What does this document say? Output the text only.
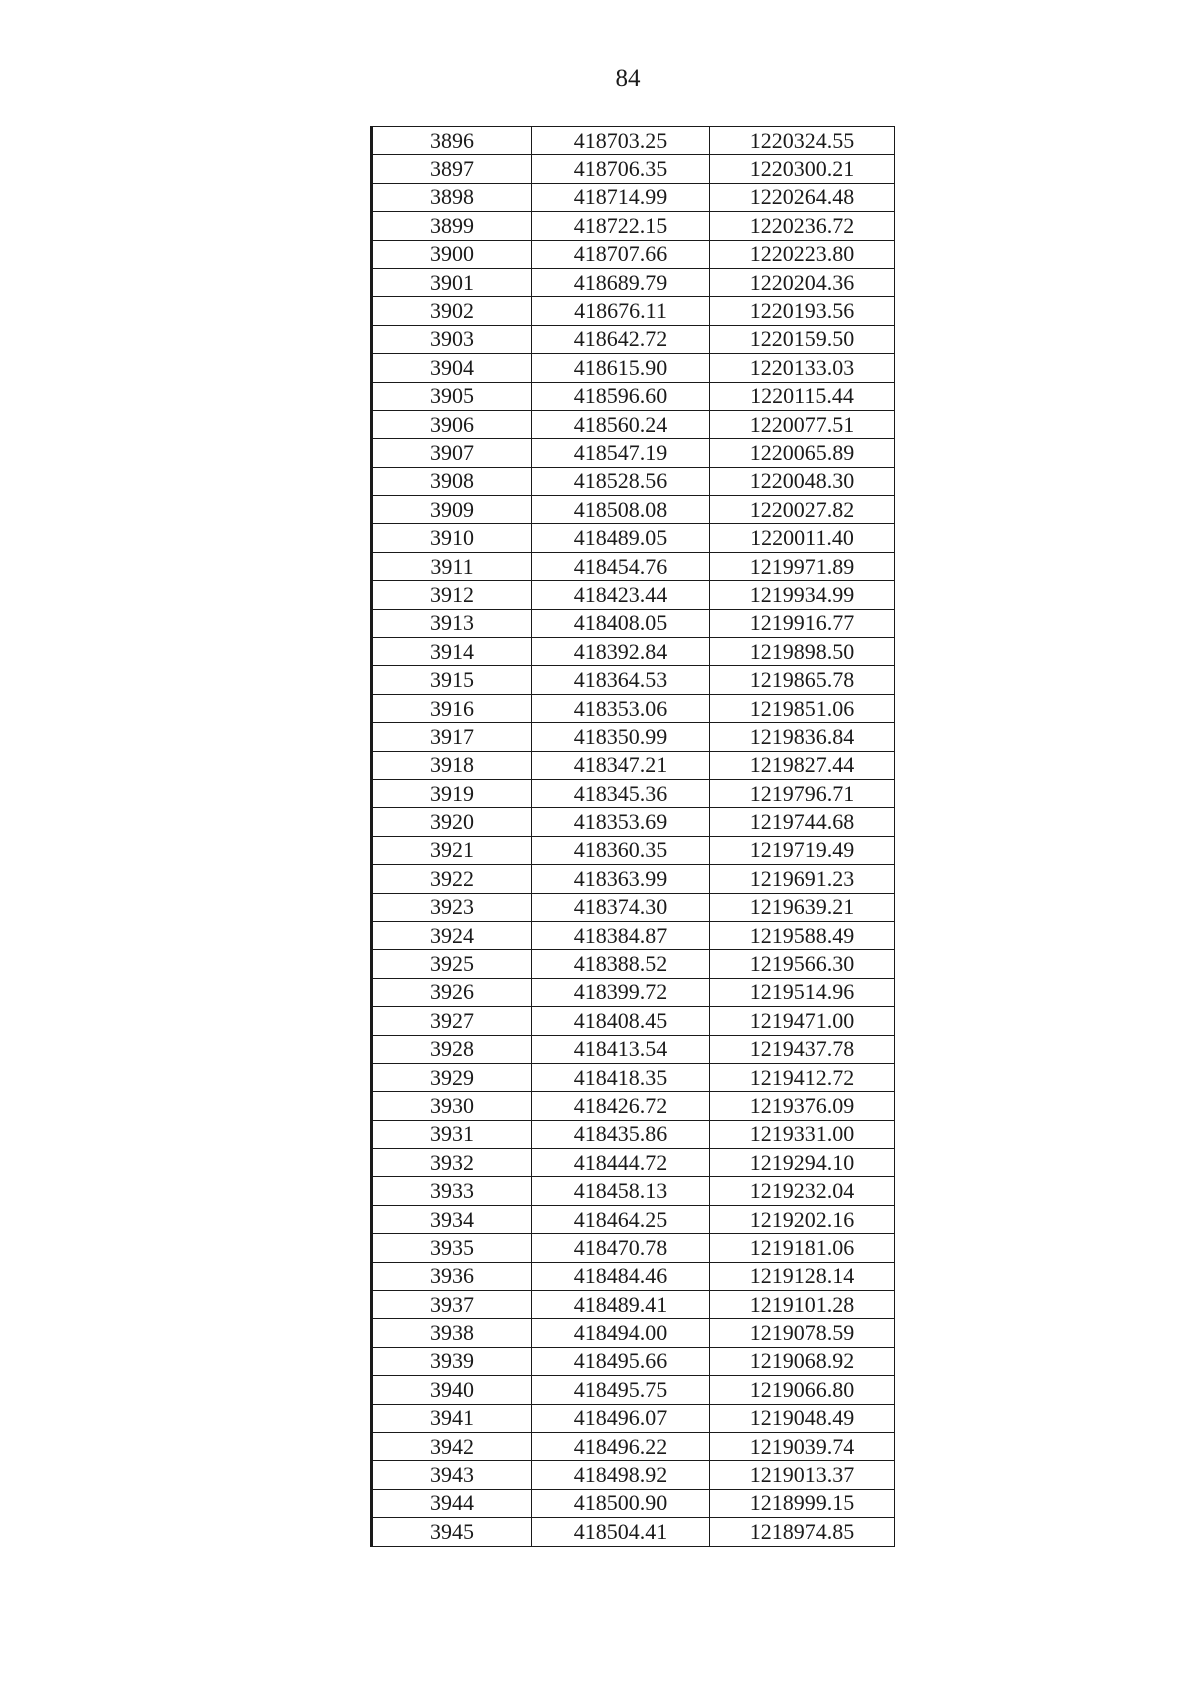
84
3896	418703.25	1220324.55
3897	418706.35	1220300.21
3898	418714.99	1220264.48
3899	418722.15	1220236.72
3900	418707.66	1220223.80
3901	418689.79	1220204.36
3902	418676.11	1220193.56
3903	418642.72	1220159.50
3904	418615.90	1220133.03
3905	418596.60	1220115.44
3906	418560.24	1220077.51
3907	418547.19	1220065.89
3908	418528.56	1220048.30
3909	418508.08	1220027.82
3910	418489.05	1220011.40
3911	418454.76	1219971.89
3912	418423.44	1219934.99
3913	418408.05	1219916.77
3914	418392.84	1219898.50
3915	418364.53	1219865.78
3916	418353.06	1219851.06
3917	418350.99	1219836.84
3918	418347.21	1219827.44
3919	418345.36	1219796.71
3920	418353.69	1219744.68
3921	418360.35	1219719.49
3922	418363.99	1219691.23
3923	418374.30	1219639.21
3924	418384.87	1219588.49
3925	418388.52	1219566.30
3926	418399.72	1219514.96
3927	418408.45	1219471.00
3928	418413.54	1219437.78
3929	418418.35	1219412.72
3930	418426.72	1219376.09
3931	418435.86	1219331.00
3932	418444.72	1219294.10
3933	418458.13	1219232.04
3934	418464.25	1219202.16
3935	418470.78	1219181.06
3936	418484.46	1219128.14
3937	418489.41	1219101.28
3938	418494.00	1219078.59
3939	418495.66	1219068.92
3940	418495.75	1219066.80
3941	418496.07	1219048.49
3942	418496.22	1219039.74
3943	418498.92	1219013.37
3944	418500.90	1218999.15
3945	418504.41	1218974.85
